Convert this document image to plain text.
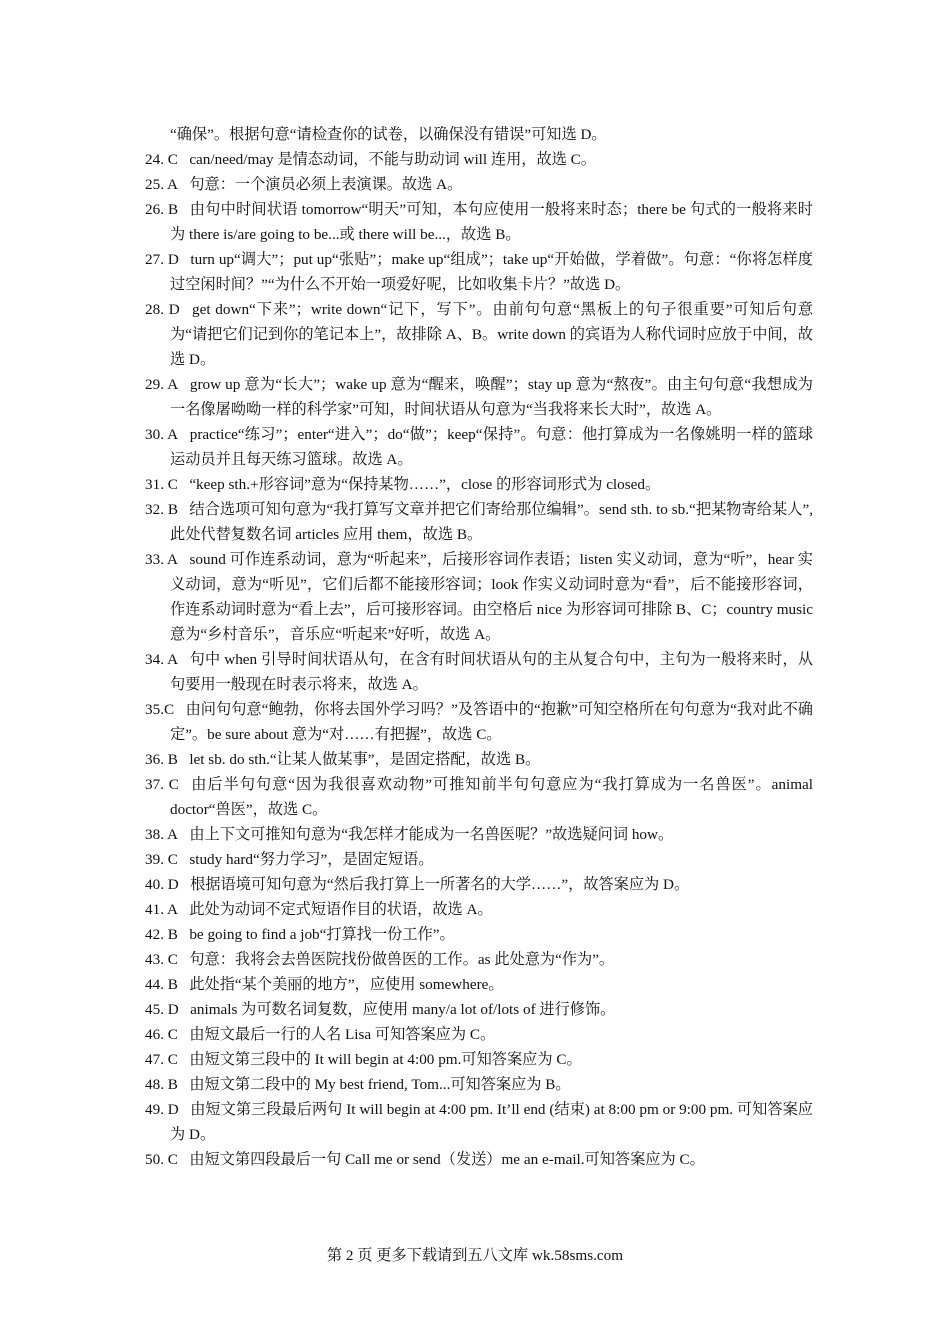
“确保”。根据句意“请检查你的试卷，以确保没有错误”可知选 D。

24. C  can/need/may 是情态动词，不能与助动词 will 连用，故选 C。

25. A  句意：一个演员必须上表演课。故选 A。

26. B  由句中时间状语 tomorrow“明天”可知，本句应使用一般将来时态；there be 句式的一般将来时为 there is/are going to be...或 there will be...，故选 B。

27. D  turn up“调大”；put up“张贴”；make up“组成”；take up“开始做，学着做”。句意：“你将怎样度过空闲时间？”“为什么不开始一项爱好呢，比如收集卡片？”故选 D。

28. D  get down“下来”；write down“记下，写下”。由前句句意“黑板上的句子很重要”可知后句意为“请把它们记到你的笔记本上”，故排除 A、B。write down 的宾语为人称代词时应放于中间，故选 D。

29. A  grow up 意为“长大”；wake up 意为“醒来，唤醒”；stay up 意为“熬夜”。由主句句意“我想成为一名像屠呦呦一样的科学家”可知，时间状语从句意为“当我将来长大时”，故选 A。

30. A  practice“练习”；enter“进入”；do“做”；keep“保持”。句意：他打算成为一名像姚明一样的篮球运动员并且每天练习篮球。故选 A。

31. C  “keep sth.+形容词”意为“保持某物……”，close 的形容词形式为 closed。

32. B  结合选项可知句意为“我打算写文章并把它们寄给那位编辑”。send sth. to sb.“把某物寄给某人”, 此处代替复数名词 articles 应用 them，故选 B。

33. A  sound 可作连系动词，意为“听起来”，后接形容词作表语；listen 实义动词，意为“听”，hear 实义动词，意为“听见”，它们后都不能接形容词；look 作实义动词时意为“看”，后不能接形容词，作连系动词时意为“看上去”，后可接形容词。由空格后 nice 为形容词可排除 B、C；country music 意为“乡村音乐”，音乐应“听起来”好听，故选 A。

34. A  句中 when 引导时间状语从句，在含有时间状语从句的主从复合句中，主句为一般将来时，从句要用一般现在时表示将来，故选 A。

35.C  由问句句意“鲍勃，你将去国外学习吗？”及答语中的“抱歉”可知空格所在句句意为“我对此不确定”。be sure about 意为“对……有把握”，故选 C。

36. B  let sb. do sth.“让某人做某事”，是固定搭配，故选 B。

37. C  由后半句句意“因为我很喜欢动物”可推知前半句句意应为“我打算成为一名兽医”。animal doctor“兽医”，故选 C。

38. A  由上下文可推知句意为“我怎样才能成为一名兽医呢？”故选疑问词 how。

39. C  study hard“努力学习”，是固定短语。

40. D  根据语境可知句意为“然后我打算上一所著名的大学……”，故答案应为 D。

41. A  此处为动词不定式短语作目的状语，故选 A。

42. B  be going to find a job“打算找一份工作”。

43. C  句意：我将会去兽医院找份做兽医的工作。as 此处意为“作为”。

44. B  此处指“某个美丽的地方”，应使用 somewhere。

45. D  animals 为可数名词复数，应使用 many/a lot of/lots of 进行修饰。

46. C  由短文最后一行的人名 Lisa 可知答案应为 C。

47. C  由短文第三段中的 It will begin at 4:00 pm.可知答案应为 C。

48. B  由短文第二段中的 My best friend, Tom...可知答案应为 B。

49. D  由短文第三段最后两句 It will begin at 4:00 pm. It’ll end (结束) at 8:00 pm or 9:00 pm. 可知答案应为 D。

50. C  由短文第四段最后一句 Call me or send（发送）me an e-mail.可知答案应为 C。

第 2 页 更多下载请到五八文库 wk.58sms.com
